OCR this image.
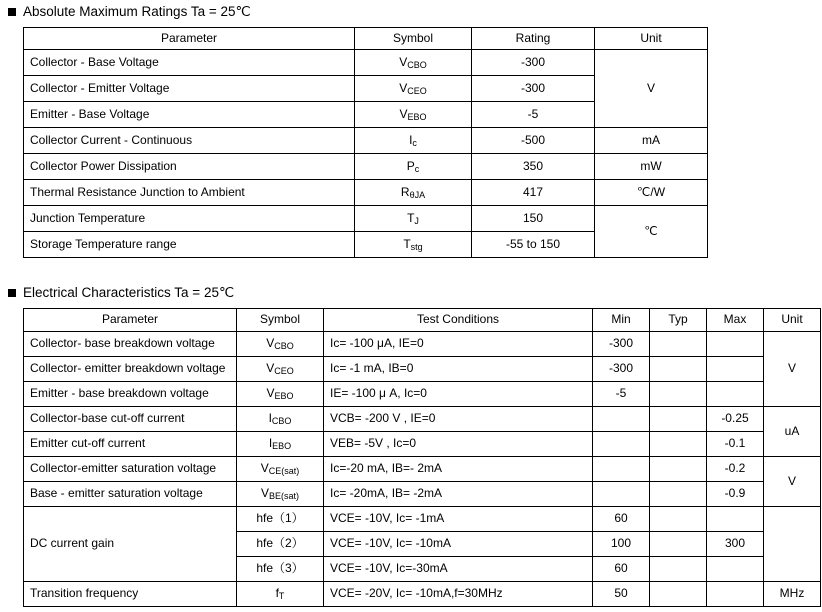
Absolute Maximum Ratings Ta = 25℃
Parameter	Symbol	Rating	Unit
Collector - Base Voltage	VCBO	-300	V
Collector - Emitter Voltage	VCEO	-300	
Emitter - Base Voltage	VEBO	-5	
Collector Current - Continuous	Ic	-500	mA
Collector Power Dissipation	Pc	350	mW
Thermal Resistance Junction to Ambient	RθJA	417	℃/W
Junction Temperature	TJ	150	℃
Storage Temperature range	Tstg	-55 to 150	
Electrical Characteristics Ta = 25℃
Parameter	Symbol	Test Conditions	Min	Typ	Max	Unit
Collector- base breakdown voltage	VCBO	Ic= -100 μA, IE=0	-300			V
Collector- emitter breakdown voltage	VCEO	Ic= -1 mA, IB=0	-300			
Emitter - base breakdown voltage	VEBO	IE= -100 μ A, Ic=0	-5			
Collector-base cut-off current	ICBO	VCB= -200 V , IE=0			-0.25	uA
Emitter cut-off current	IEBO	VEB= -5V , Ic=0			-0.1	
Collector-emitter saturation voltage	VCE(sat)	Ic=-20 mA, IB=- 2mA			-0.2	V
Base - emitter saturation voltage	VBE(sat)	Ic= -20mA, IB= -2mA			-0.9	
DC current gain	hfe（1）	VCE= -10V, Ic= -1mA	60			
	hfe（2）	VCE= -10V, Ic= -10mA	100		300	
	hfe（3）	VCE= -10V, Ic=-30mA	60			
Transition frequency	fT	VCE= -20V, Ic= -10mA,f=30MHz	50			MHz
